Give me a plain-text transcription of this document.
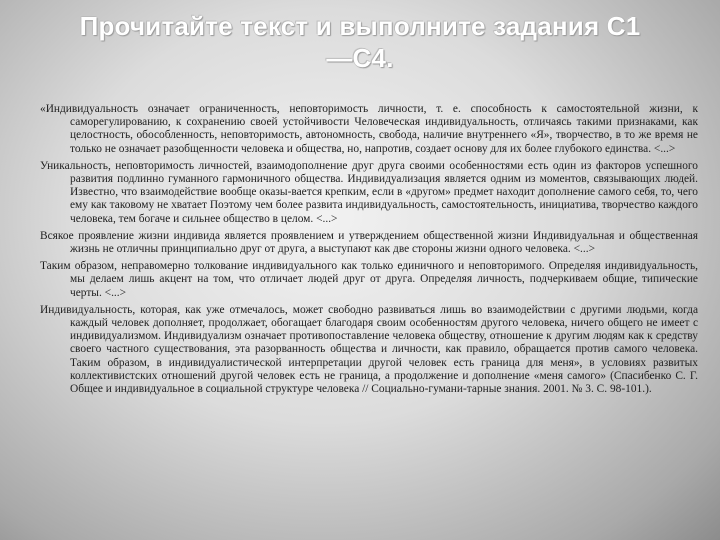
Прочитайте текст и выполните задания С1
—С4.

«Индивидуальность означает ограниченность, неповторимость личности, т. е. способность к самостоятельной жизни, к саморегулированию, к сохранению своей устойчивости Человеческая индивидуальность, отличаясь такими признаками, как целостность, обособленность, неповторимость, автономность, свобода, наличие внутреннего «Я», творчество, в то же время не только не означает разобщенности человека и общества, но, напротив, создает основу для их более глубокого единства. <...>

Уникальность, неповторимость личностей, взаимодополнение друг друга своими особенностями есть один из факторов успешного развития подлинно гуманного гармоничного общества. Индивидуализация является одним из моментов, связывающих людей. Известно, что взаимодействие вообще оказы-вается крепким, если в «другом» предмет находит дополнение самого себя, то, чего ему как таковому не хватает Поэтому чем более развита индивидуальность, самостоятельность, инициатива, творчество каждого человека, тем богаче и сильнее общество в целом. <...>

Всякое проявление жизни индивида является проявлением и утверждением общественной жизни Индивидуальная и общественная жизнь не отличны принципиально друг от друга, а выступают как две стороны жизни одного человека. <...>

Таким образом, неправомерно толкование индивидуального как только единичного и неповторимого. Определяя индивидуальность, мы делаем лишь акцент на том, что отличает людей друг от друга. Определяя личность, подчеркиваем общие, типические черты. <...>

Индивидуальность, которая, как уже отмечалось, может свободно развиваться лишь во взаимодействии с другими людьми, когда каждый человек дополняет, продолжает, обогащает благодаря своим особенностям другого человека, ничего общего не имеет с индивидуализмом. Индивидуализм означает противопоставление человека обществу, отношение к другим людям как к средству своего частного существования, эта разорванность общества и личности, как правило, обращается против самого человека. Таким образом, в индивидуалистической интерпретации другой человек есть граница для меня», в условиях развитых коллективистских отношений другой человек есть не граница, а продолжение и дополнение «меня самого» (Спасибенко С. Г. Общее и индивидуальное в социальной структуре человека // Социально-гумани-тарные знания. 2001. № 3. С. 98-101.).
